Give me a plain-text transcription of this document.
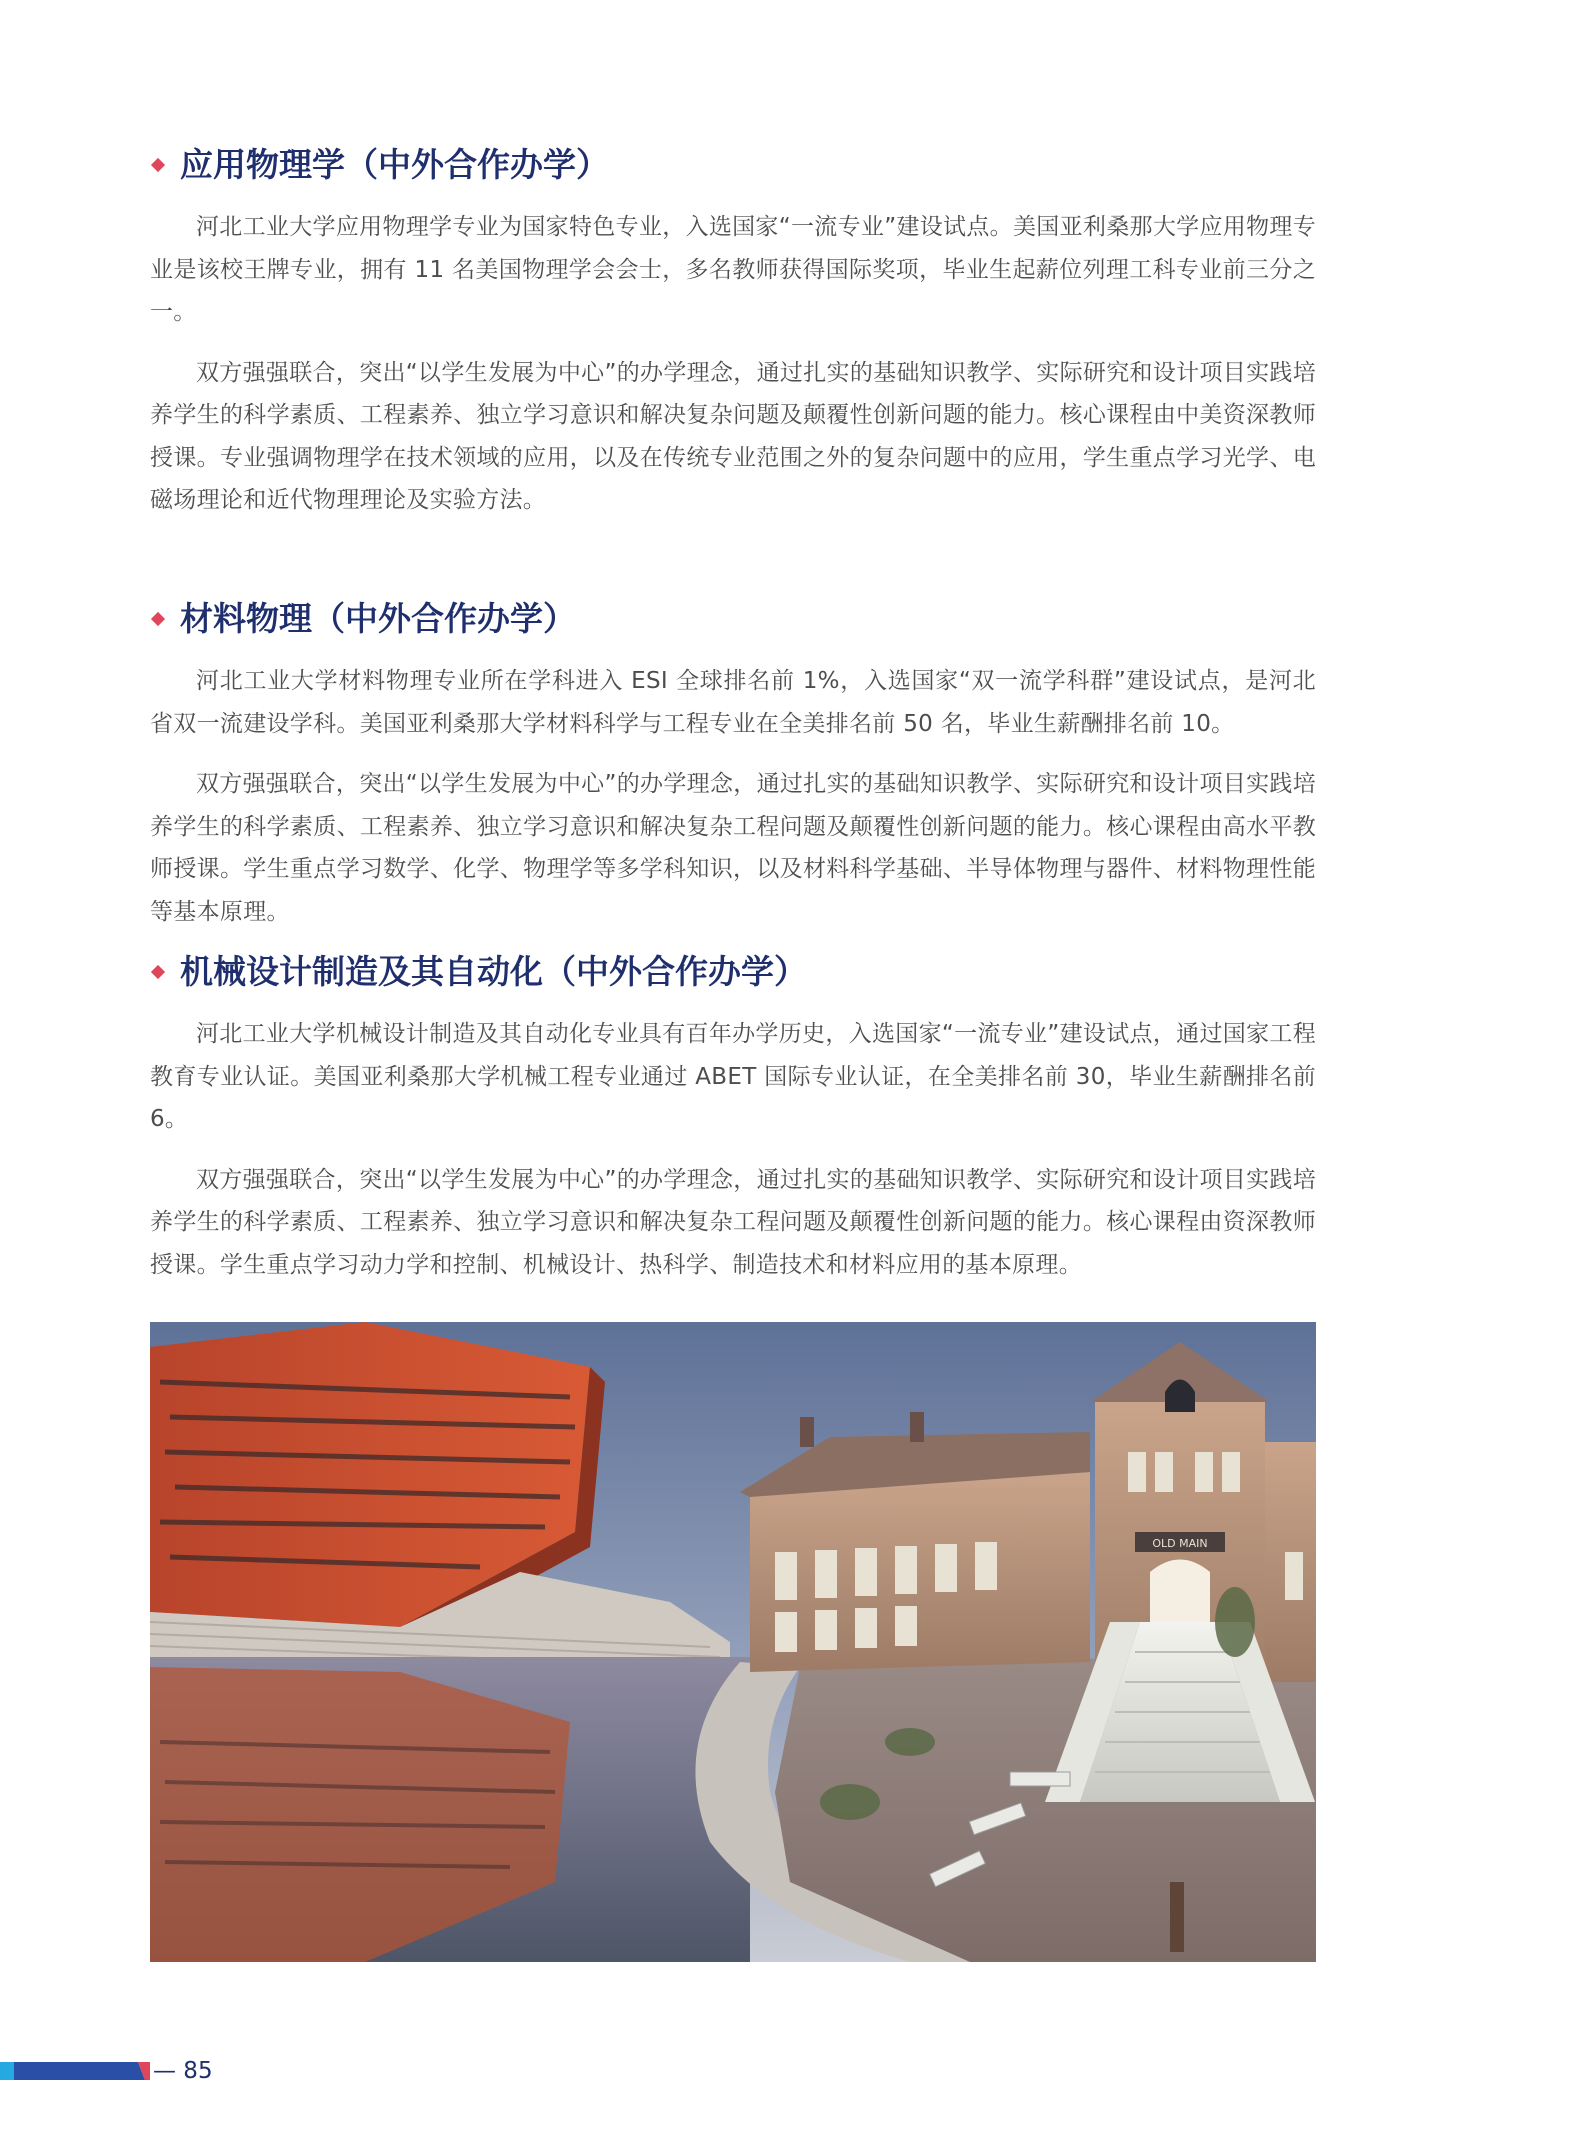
应用物理学（中外合作办学）

河北工业大学应用物理学专业为国家特色专业，入选国家“一流专业”建设试点。美国亚利桑那大学应用物理专业是该校王牌专业，拥有 11 名美国物理学会会士，多名教师获得国际奖项，毕业生起薪位列理工科专业前三分之一。

双方强强联合，突出“以学生发展为中心”的办学理念，通过扎实的基础知识教学、实际研究和设计项目实践培养学生的科学素质、工程素养、独立学习意识和解决复杂问题及颠覆性创新问题的能力。核心课程由中美资深教师授课。专业强调物理学在技术领域的应用，以及在传统专业范围之外的复杂问题中的应用，学生重点学习光学、电磁场理论和近代物理理论及实验方法。

材料物理（中外合作办学）

河北工业大学材料物理专业所在学科进入 ESI 全球排名前 1%，入选国家“双一流学科群”建设试点，是河北省双一流建设学科。美国亚利桑那大学材料科学与工程专业在全美排名前 50 名，毕业生薪酬排名前 10。

双方强强联合，突出“以学生发展为中心”的办学理念，通过扎实的基础知识教学、实际研究和设计项目实践培养学生的科学素质、工程素养、独立学习意识和解决复杂工程问题及颠覆性创新问题的能力。核心课程由高水平教师授课。学生重点学习数学、化学、物理学等多学科知识，以及材料科学基础、半导体物理与器件、材料物理性能等基本原理。

机械设计制造及其自动化（中外合作办学）

河北工业大学机械设计制造及其自动化专业具有百年办学历史，入选国家“一流专业”建设试点，通过国家工程教育专业认证。美国亚利桑那大学机械工程专业通过 ABET 国际专业认证，在全美排名前 30，毕业生薪酬排名前 6。

双方强强联合，突出“以学生发展为中心”的办学理念，通过扎实的基础知识教学、实际研究和设计项目实践培养学生的科学素质、工程素养、独立学习意识和解决复杂工程问题及颠覆性创新问题的能力。核心课程由资深教师授课。学生重点学习动力学和控制、机械设计、热科学、制造技术和材料应用的基本原理。

OLD MAIN
— 85
